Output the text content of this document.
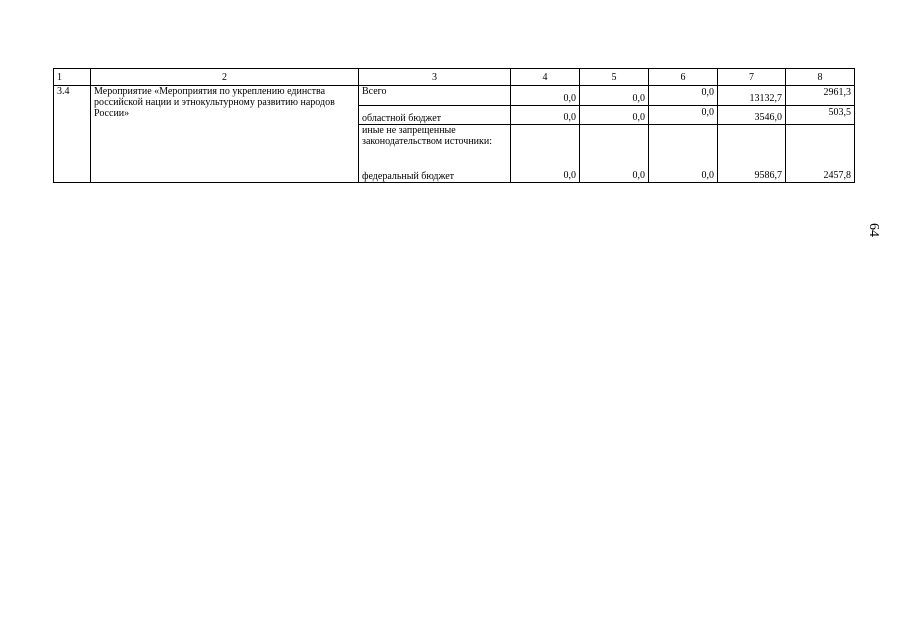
1	2	3	4	5	6	7	8
3.4	Мероприятие «Мероприятия по укреплению единства российской нации и этнокультурному развитию народов России»	Всего	0,0	0,0	0,0	13132,7	2961,3
		областной бюджет	0,0	0,0	0,0	3546,0	503,5
		иные не запрещенные законодательством источники:					
		федеральный бюджет	0,0	0,0	0,0	9586,7	2457,8
64
